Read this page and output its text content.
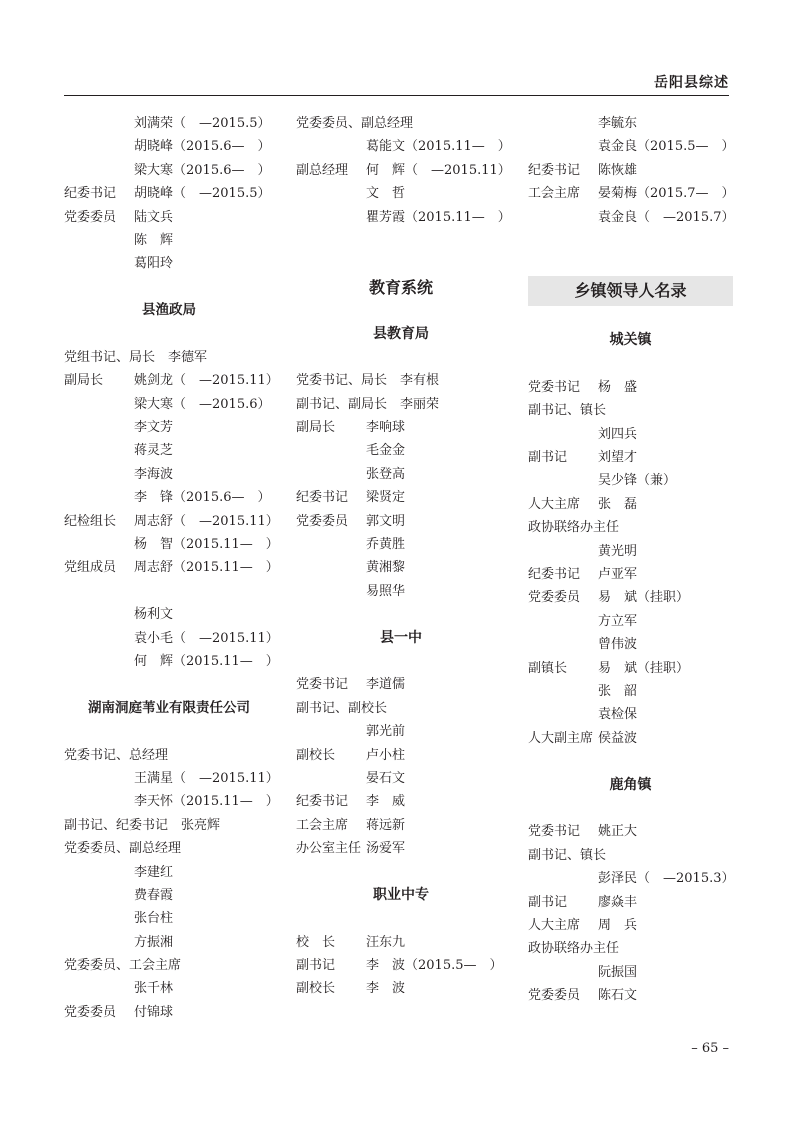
岳阳县综述
刘满荣（　—2015.5）
胡晓峰（2015.6—　）
梁大寒（2015.6—　）
纪委书记 胡晓峰（　—2015.5）
党委委员 陆文兵
陈　辉
葛阳玲
县渔政局
党组书记、局长　李德军
副局长 姚剑龙（　—2015.11）
梁大寒（　—2015.6）
李文芳
蒋灵芝
李海波
李　锋（2015.6—　）
纪检组长 周志舒（　—2015.11）
杨　智（2015.11—　）
党组成员 周志舒（2015.11—　）
杨利文
袁小毛（　—2015.11）
何　辉（2015.11—　）
湖南洞庭苇业有限责任公司
党委书记、总经理
王满星（　—2015.11）
李天怀（2015.11—　）
副书记、纪委书记　张亮辉
党委委员、副总经理
李建红
费春霞
张台柱
方振湘
党委委员、工会主席
张千林
党委委员 付锦球
党委委员、副总经理
葛能文（2015.11—　）
副总经理 何　辉（　—2015.11）
文　哲
瞿芳霞（2015.11—　）
教育系统
县教育局
党委书记、局长　李有根
副书记、副局长　李丽荣
副局长 李响球
毛金金
张登高
纪委书记 梁贤定
党委委员 郭文明
乔黄胜
黄湘黎
易照华
县一中
党委书记 李道儒
副书记、副校长
郭光前
副校长 卢小柱
晏石文
纪委书记 李　威
工会主席 蒋远新
办公室主任 汤爱军
职业中专
校　长 汪东九
副书记 李　波（2015.5—　）
副校长 李　波
李毓东
袁金良（2015.5—　）
纪委书记 陈恢雄
工会主席 晏菊梅（2015.7—　）
袁金良（　—2015.7）
乡镇领导人名录
城关镇
党委书记 杨　盛
副书记、镇长
刘四兵
副书记 刘望才
吴少锋（兼）
人大主席 张　磊
政协联络办主任
黄光明
纪委书记 卢亚军
党委委员 易　斌（挂职）
方立军
曾伟波
副镇长 易　斌（挂职）
张　韶
袁检保
人大副主席 侯益波
鹿角镇
党委书记 姚正大
副书记、镇长
彭泽民（　—2015.3）
副书记 廖焱丰
人大主席 周　兵
政协联络办主任
阮振国
党委委员 陈石文
– 65 –
